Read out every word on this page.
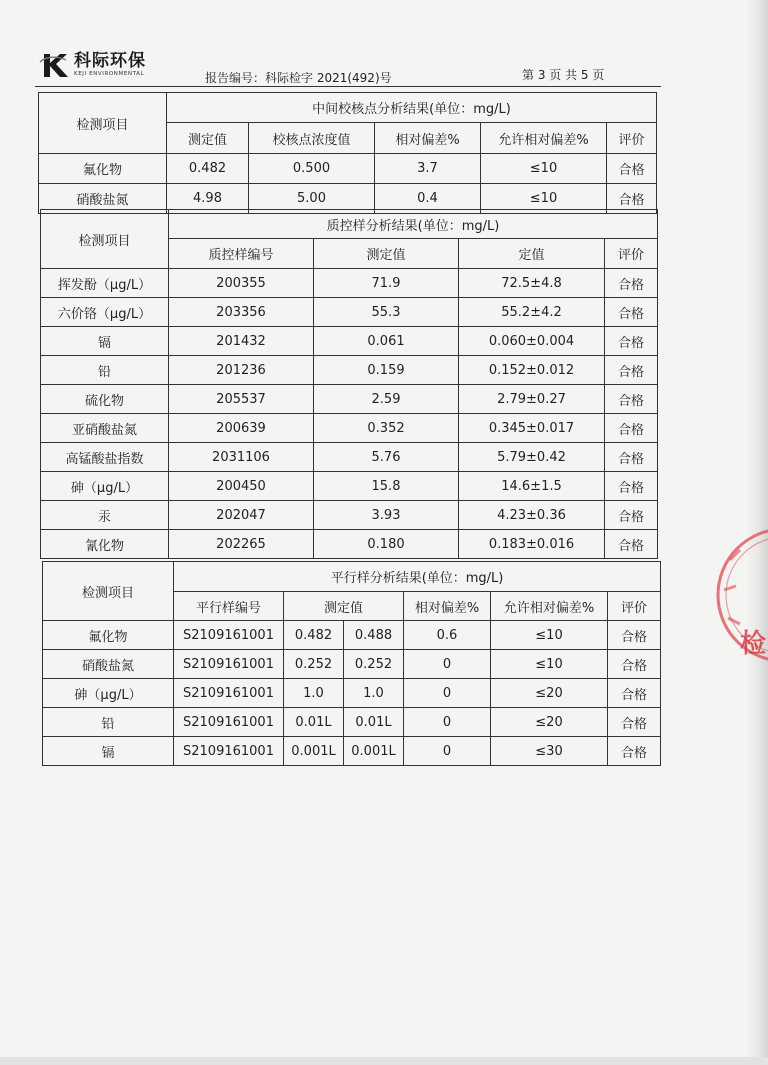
科际环保
KEJI ENVIRONMENTAL	报告编号：科际检字 2021(492)号	第 3 页 共 5 页
检测项目	中间校核点分析结果(单位：mg/L)				
	测定值	校核点浓度值	相对偏差%	允许相对偏差%	评价
氟化物	0.482	0.500	3.7	≤10	合格
硝酸盐氮	4.98	5.00	0.4	≤10	合格
检测项目	质控样分析结果(单位：mg/L)			
	质控样编号	测定值	定值	评价
挥发酚（μg/L）	200355	71.9	72.5±4.8	合格
六价铬（μg/L）	203356	55.3	55.2±4.2	合格
镉	201432	0.061	0.060±0.004	合格
铅	201236	0.159	0.152±0.012	合格
硫化物	205537	2.59	2.79±0.27	合格
亚硝酸盐氮	200639	0.352	0.345±0.017	合格
高锰酸盐指数	2031106	5.76	5.79±0.42	合格
砷（μg/L）	200450	15.8	14.6±1.5	合格
汞	202047	3.93	4.23±0.36	合格
氰化物	202265	0.180	0.183±0.016	合格
检测项目	平行样分析结果(单位：mg/L)					
	平行样编号	测定值		相对偏差%	允许相对偏差%	评价
氟化物	S2109161001	0.482	0.488	0.6	≤10	合格
硝酸盐氮	S2109161001	0.252	0.252	0	≤10	合格
砷（μg/L）	S2109161001	1.0	1.0	0	≤20	合格
铅	S2109161001	0.01L	0.01L	0	≤20	合格
镉	S2109161001	0.001L	0.001L	0	≤30	合格
检
